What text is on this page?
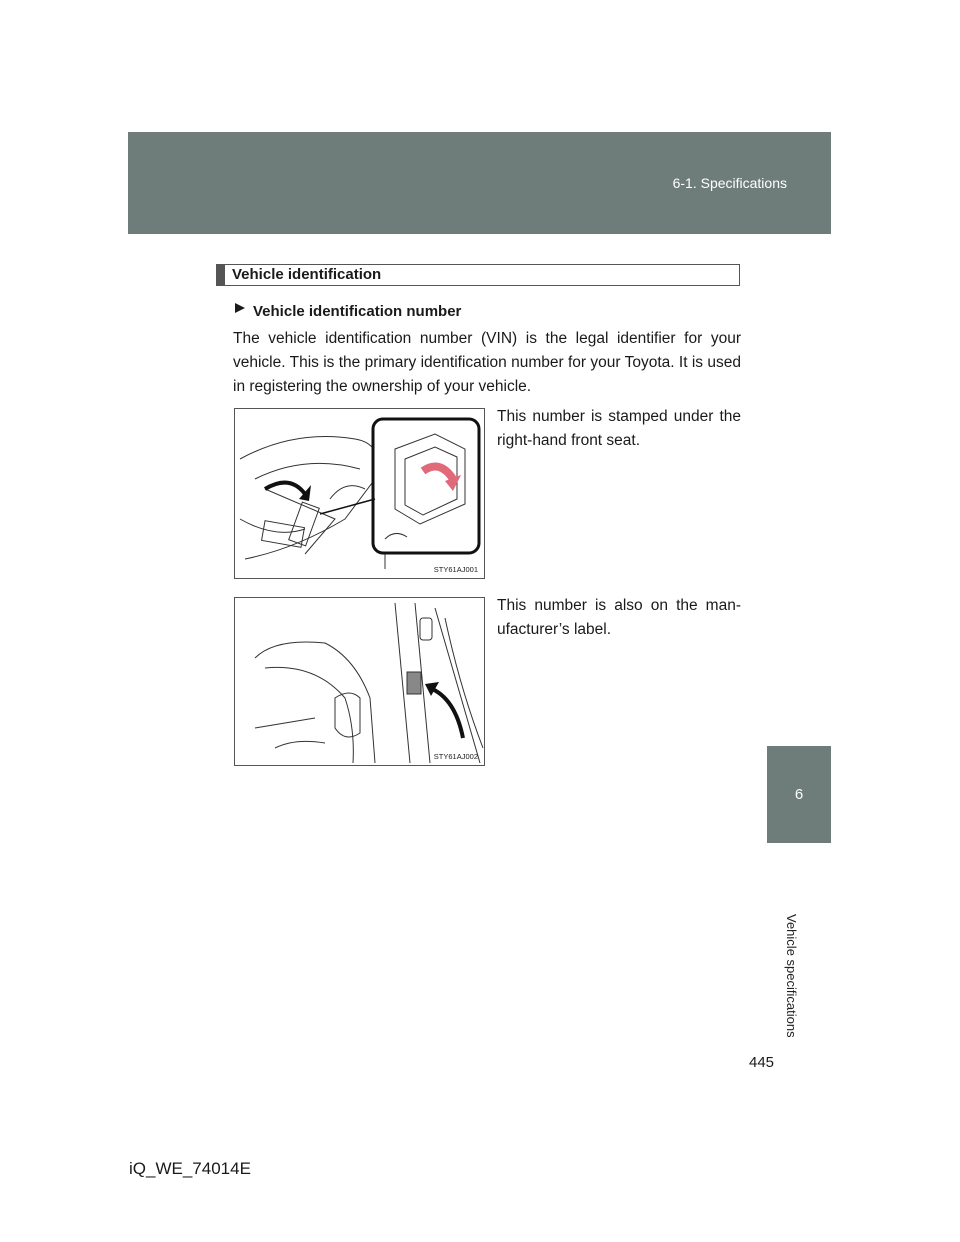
6-1. Specifications
6
Vehicle specifications
Vehicle identification
Vehicle identification number
The vehicle identification number (VIN) is the legal identifier for your vehicle. This is the primary identification number for your Toyota. It is used in registering the ownership of your vehicle.
STY61AJ001
This number is stamped under the right-hand front seat.
STY61AJ002
This number is also on the man-ufacturer’s label.
445
iQ_WE_74014E
